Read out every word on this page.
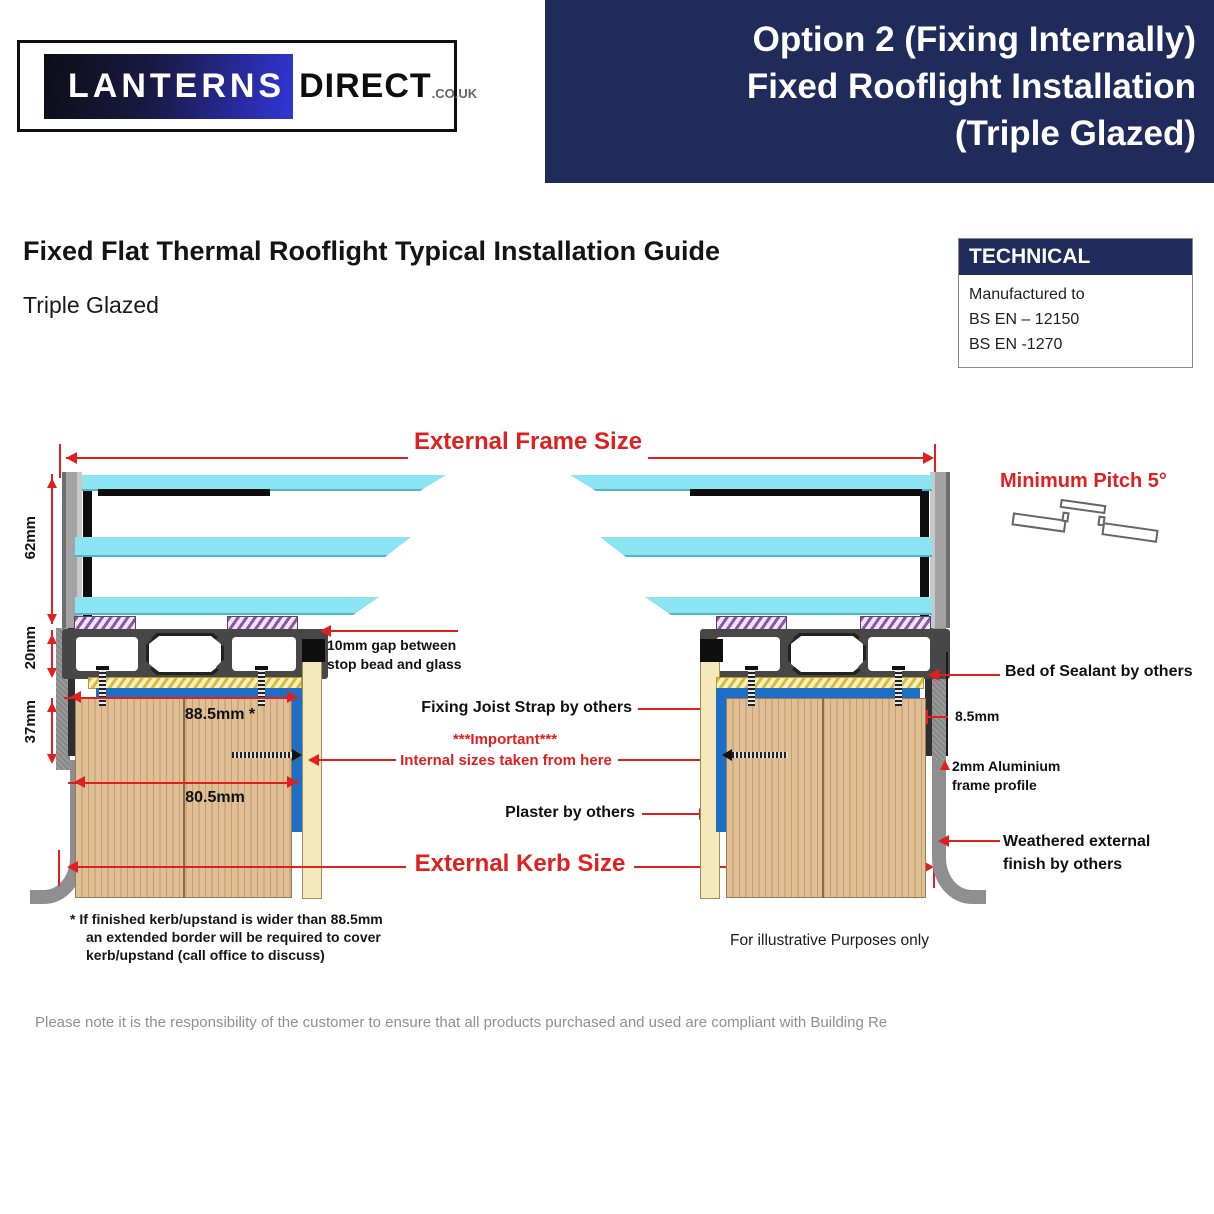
LANTERNS DIRECT .CO.UK
Option 2 (Fixing Internally)
Fixed Rooflight Installation
(Triple Glazed)
Fixed Flat Thermal Rooflight Typical Installation Guide
Triple Glazed
TECHNICAL
Manufactured to
BS EN – 12150
BS EN -1270
External Frame Size
Minimum Pitch 5°
62mm
20mm
37mm	88.5mm *
80.5mm
* If finished kerb/upstand is wider than 88.5mm
an extended border will be required to cover
kerb/upstand (call office to discuss)
10mm gap between
stop bead and glass
Fixing Joist Strap by others
***Important***
Internal sizes taken from here
Plaster by others
External Kerb Size
Bed of Sealant by others
8.5mm
2mm Aluminium
frame profile
Weathered external
finish by others
For illustrative Purposes only
Please note it is the responsibility of the customer to ensure that all products purchased and used are compliant with Building Re
